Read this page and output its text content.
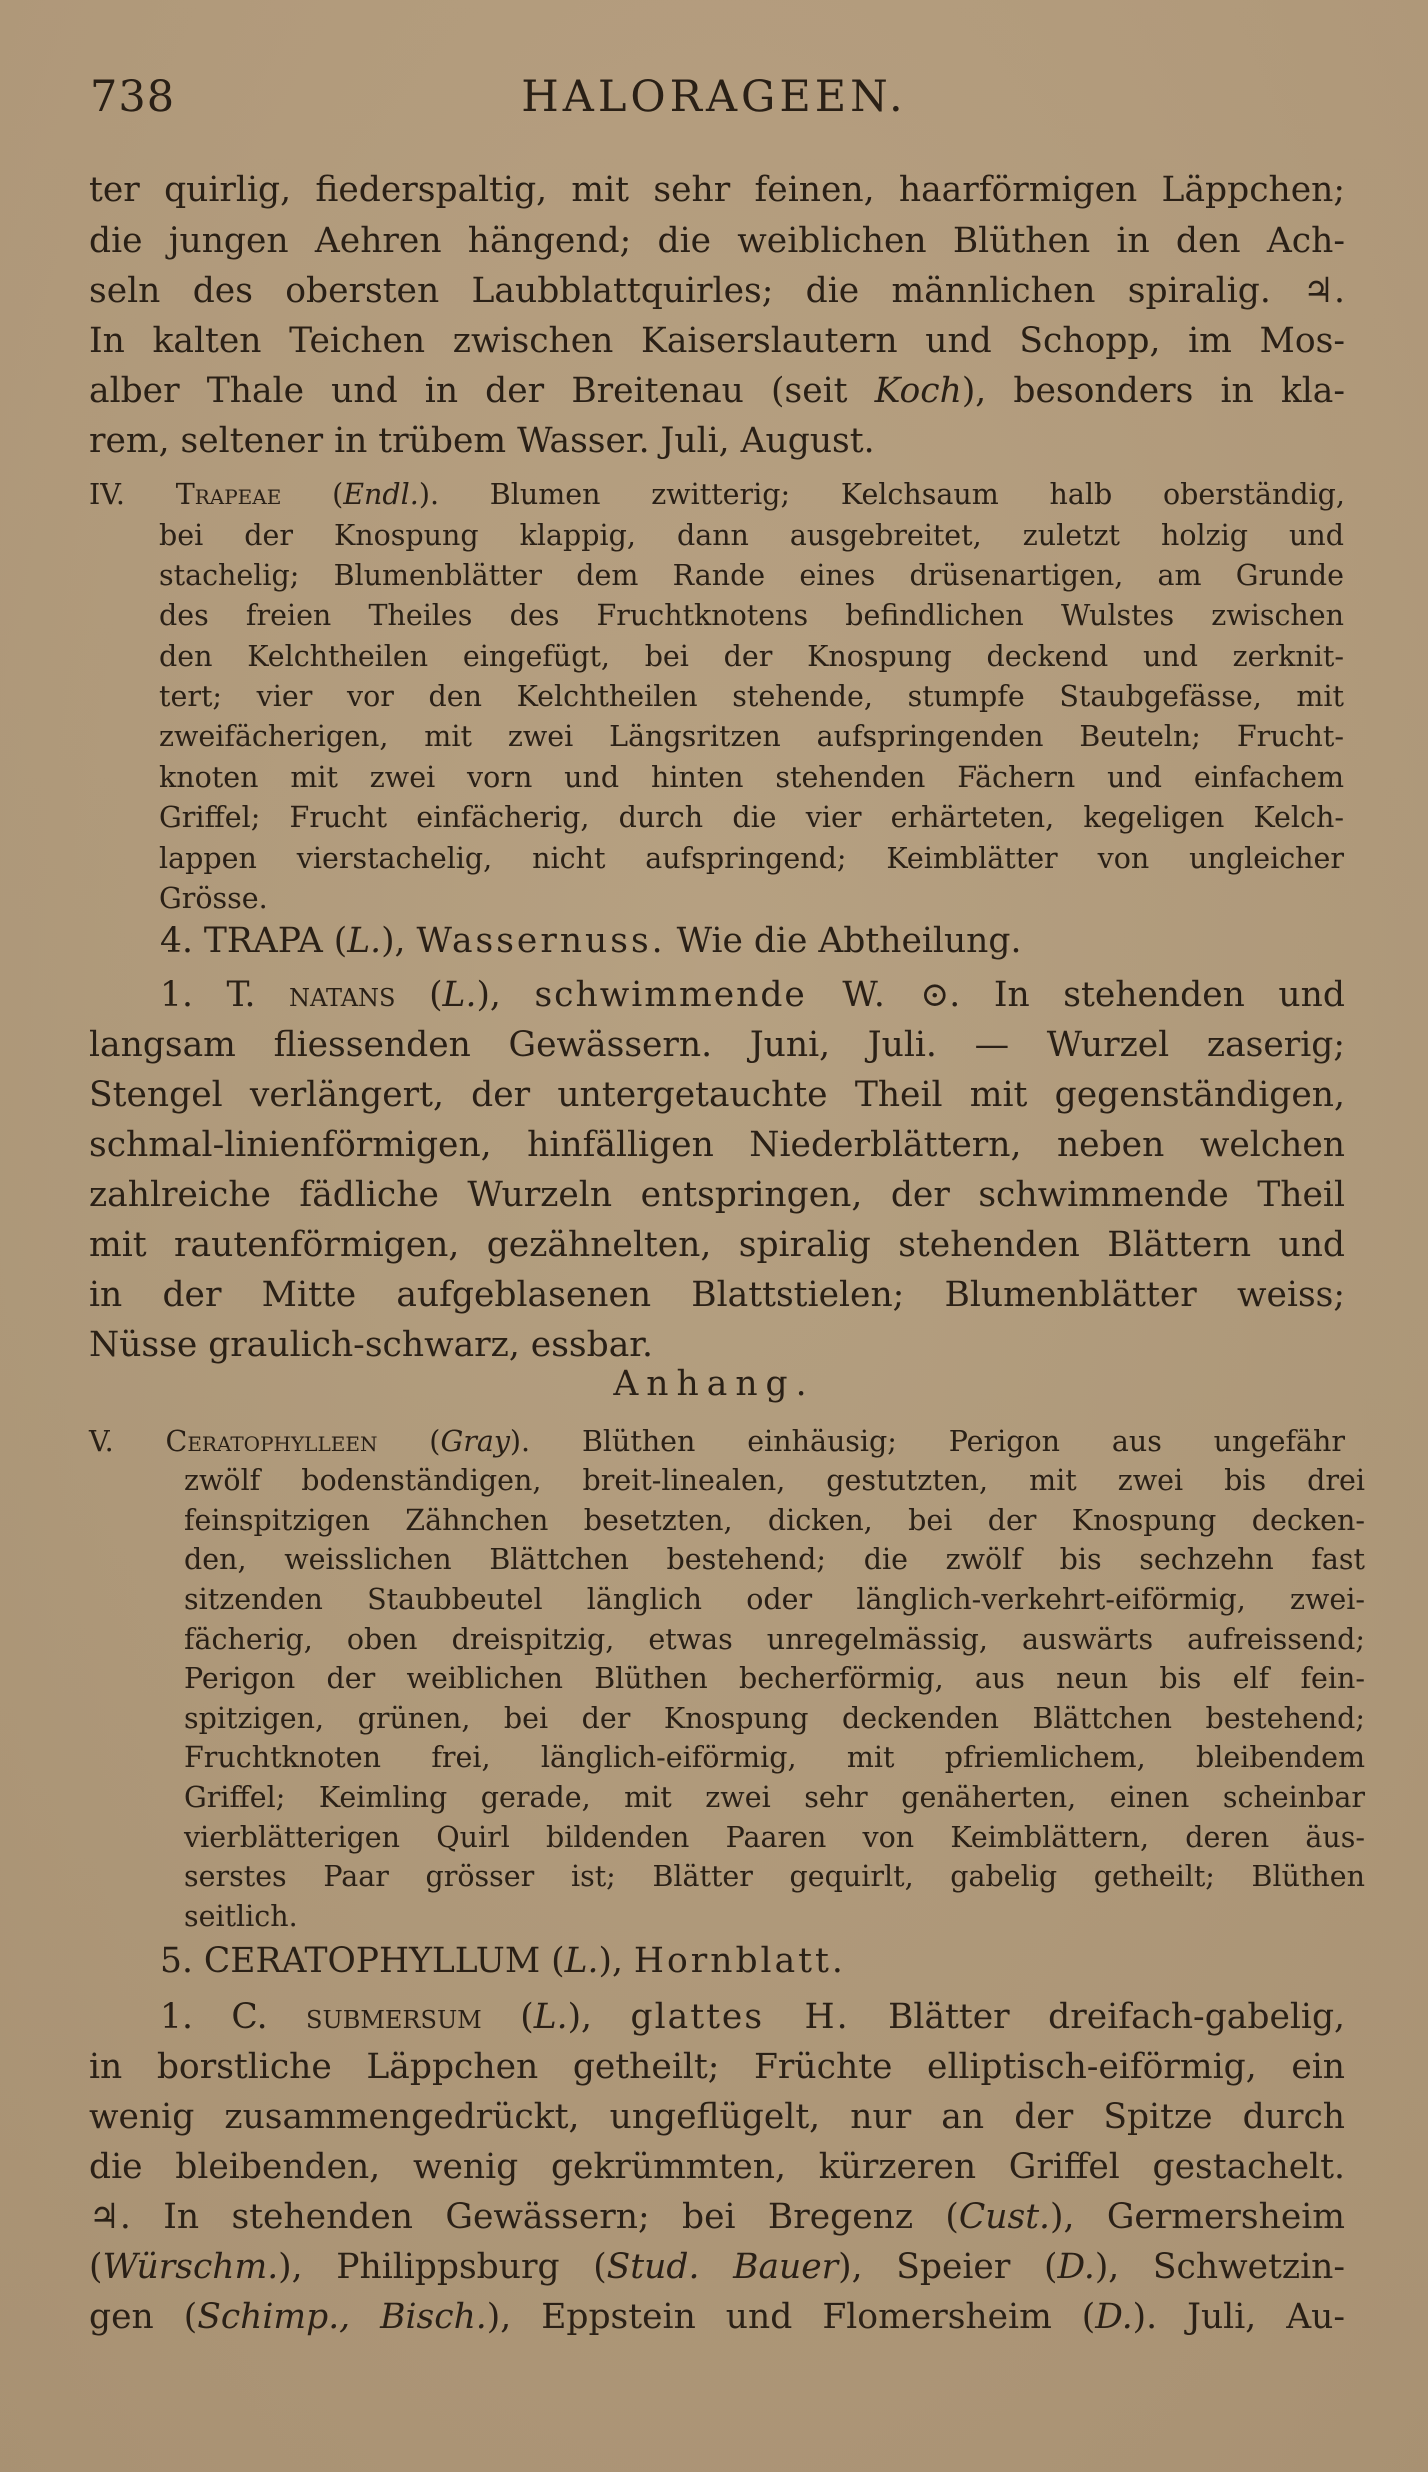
738	HALORAGEEN.
ter quirlig, fiederspaltig, mit sehr feinen, haarförmigen Läppchen;
die jungen Aehren hängend; die weiblichen Blüthen in den Ach-
seln des obersten Laubblattquirles; die männlichen spiralig. ♃.
In kalten Teichen zwischen Kaiserslautern und Schopp, im Mos-
alber Thale und in der Breitenau (seit Koch), besonders in kla-
rem, seltener in trübem Wasser. Juli, August.
IV. Trapeae (Endl.). Blumen zwitterig; Kelchsaum halb oberständig,
bei der Knospung klappig, dann ausgebreitet, zuletzt holzig und
stachelig; Blumenblätter dem Rande eines drüsenartigen, am Grunde
des freien Theiles des Fruchtknotens befindlichen Wulstes zwischen
den Kelchtheilen eingefügt, bei der Knospung deckend und zerknit-
tert; vier vor den Kelchtheilen stehende, stumpfe Staubgefässe, mit
zweifächerigen, mit zwei Längsritzen aufspringenden Beuteln; Frucht-
knoten mit zwei vorn und hinten stehenden Fächern und einfachem
Griffel; Frucht einfächerig, durch die vier erhärteten, kegeligen Kelch-
lappen vierstachelig, nicht aufspringend; Keimblätter von ungleicher
Grösse.
4. TRAPA (L.), Wassernuss. Wie die Abtheilung.
1. T. natans (L.), schwimmende W. ⊙. In stehenden und
langsam fliessenden Gewässern. Juni, Juli. — Wurzel zaserig;
Stengel verlängert, der untergetauchte Theil mit gegenständigen,
schmal-linienförmigen, hinfälligen Niederblättern, neben welchen
zahlreiche fädliche Wurzeln entspringen, der schwimmende Theil
mit rautenförmigen, gezähnelten, spiralig stehenden Blättern und
in der Mitte aufgeblasenen Blattstielen; Blumenblätter weiss;
Nüsse graulich-schwarz, essbar.
Anhang.
V. Ceratophylleen (Gray). Blüthen einhäusig; Perigon aus ungefähr
zwölf bodenständigen, breit-linealen, gestutzten, mit zwei bis drei
feinspitzigen Zähnchen besetzten, dicken, bei der Knospung decken-
den, weisslichen Blättchen bestehend; die zwölf bis sechzehn fast
sitzenden Staubbeutel länglich oder länglich-verkehrt-eiförmig, zwei-
fächerig, oben dreispitzig, etwas unregelmässig, auswärts aufreissend;
Perigon der weiblichen Blüthen becherförmig, aus neun bis elf fein-
spitzigen, grünen, bei der Knospung deckenden Blättchen bestehend;
Fruchtknoten frei, länglich-eiförmig, mit pfriemlichem, bleibendem
Griffel; Keimling gerade, mit zwei sehr genäherten, einen scheinbar
vierblätterigen Quirl bildenden Paaren von Keimblättern, deren äus-
serstes Paar grösser ist; Blätter gequirlt, gabelig getheilt; Blüthen
seitlich.
5. CERATOPHYLLUM (L.), Hornblatt.
1. C. submersum (L.), glattes H. Blätter dreifach-gabelig,
in borstliche Läppchen getheilt; Früchte elliptisch-eiförmig, ein
wenig zusammengedrückt, ungeflügelt, nur an der Spitze durch
die bleibenden, wenig gekrümmten, kürzeren Griffel gestachelt.
♃. In stehenden Gewässern; bei Bregenz (Cust.), Germersheim
(Würschm.), Philippsburg (Stud. Bauer), Speier (D.), Schwetzin-
gen (Schimp., Bisch.), Eppstein und Flomersheim (D.). Juli, Au-
